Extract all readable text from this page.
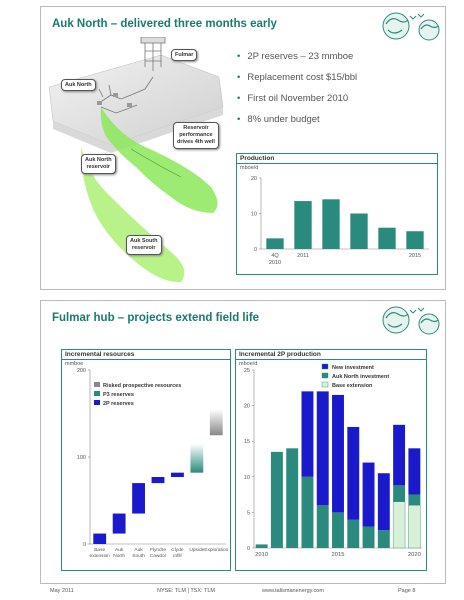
Auk North – delivered three months early
Fulmar
Auk North
Reservoir
performance
drives 4th well
Auk North
reservoir
Auk South
reservoir
• 2P reserves – 23 mmboe
• Replacement cost $15/bbl
• First oil November 2010
• 8% under budget
Production
mboe/d
0
10
20
4Q
2010
2011	2015
Fulmar hub – projects extend field life
Incremental resources
mmboe
0
100
200
Risked prospective resources
P3 reserves
2P reserves
Base
extension
Auk
North
Auk
South
Flyndre
Cawdor
Clyde
infill
Upside Exploration
Incremental 2P production
mboe/d
0
5
10
15
20
25
2010	2015	2020
New investment
Auk North investment
Base extension
May 2011	NYSE: TLM | TSX: TLM	www.talismanenergy.com	Page 8
